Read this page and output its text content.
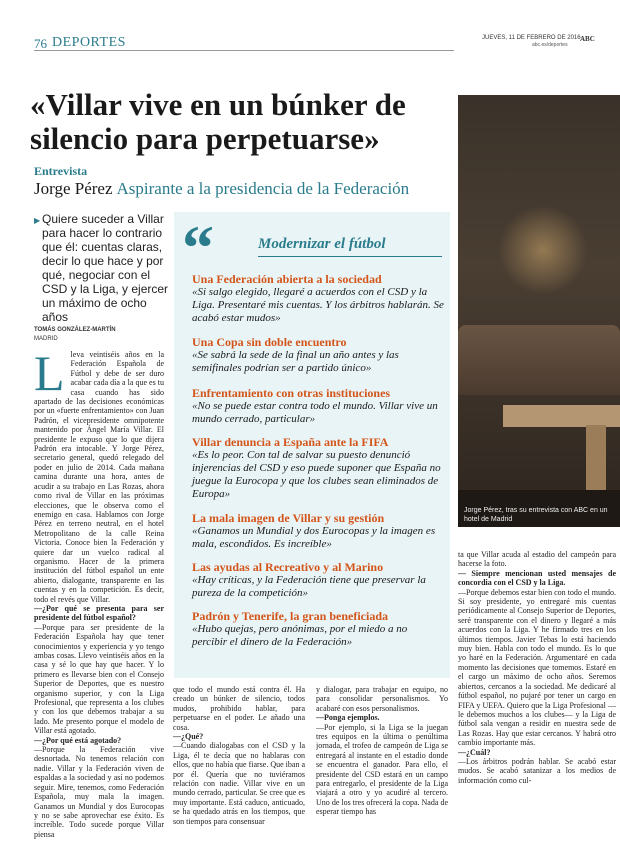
76 DEPORTES	JUEVES, 11 DE FEBRERO DE 2016 ABC
abc.es/deportes
«Villar vive en un búnker de silencio para perpetuarse»
Entrevista
Jorge Pérez Aspirante a la presidencia de la Federación
Jorge Pérez, tras su entrevista con ABC en un hotel de Madrid
▶ Quiere suceder a Villar para hacer lo contrario que él: cuentas claras, decir lo que hace y por qué, negociar con el CSD y la Liga, y ejercer un máximo de ocho años
TOMÁS GONZÁLEZ-MARTÍN
MADRID
“	Modernizar el fútbol
Una Federación abierta a la sociedad
«Si salgo elegido, llegaré a acuerdos con el CSD y la Liga. Presentaré mis cuentas. Y los árbitros hablarán. Se acabó estar mudos»
Una Copa sin doble encuentro
«Se sabrá la sede de la final un año antes y las semifinales podrían ser a partido único»
Enfrentamiento con otras instituciones
«No se puede estar contra todo el mundo. Villar vive un mundo cerrado, particular»
Villar denuncia a España ante la FIFA
«Es lo peor. Con tal de salvar su puesto denunció injerencias del CSD y eso puede suponer que España no juegue la Eurocopa y que los clubes sean eliminados de Europa»
La mala imagen de Villar y su gestión
«Ganamos un Mundial y dos Eurocopas y la imagen es mala, escondidos. Es increíble»
Las ayudas al Recreativo y al Marino
«Hay críticas, y la Federación tiene que preservar la pureza de la competición»
Padrón y Tenerife, la gran beneficiada
«Hubo quejas, pero anónimas, por el miedo a no percibir el dinero de la Federación»
L leva veintiséis años en la Federación Española de Fútbol y debe de ser duro acabar cada día a la que es tu casa cuando has sido apartado de las decisiones económicas por un «fuerte enfrentamiento» con Juan Padrón, el vicepresidente omnipotente mantenido por Ángel María Villar. El presidente le expuso que lo que dijera Padrón era intocable. Y Jorge Pérez, secretario general, quedó relegado del poder en julio de 2014. Cada mañana camina durante una hora, antes de acudir a su trabajo en Las Rozas, ahora como rival de Villar en las próximas elecciones, que le observa como el enemigo en casa. Hablamos con Jorge Pérez en terreno neutral, en el hotel Metropolitano de la calle Reina Victoria. Conoce bien la Federación y quiere dar un vuelco radical al organismo. Hacer de la primera institución del fútbol español un ente abierto, dialogante, transparente en las cuentas y en la competición. Es decir, todo el revés que Villar.

—¿Por qué se presenta para ser presidente del fútbol español?

—Porque para ser presidente de la Federación Española hay que tener conocimientos y experiencia y yo tengo ambas cosas. Llevo veintiséis años en la casa y sé lo que hay que hacer. Y lo primero es llevarse bien con el Consejo Superior de Deportes, que es nuestro organismo superior, y con la Liga Profesional, que representa a los clubes y con los que debemos trabajar a su lado. Me presento porque el modelo de Villar está agotado.

—¿Por qué está agotado?

—Porque la Federación vive desnortada. No tenemos relación con nadie. Villar y la Federación viven de espaldas a la sociedad y así no podemos seguir. Mire, tenemos, como Federación Española, muy mala la imagen. Ganamos un Mundial y dos Eurocopas y no se sabe aprovechar ese éxito. Es increíble. Todo sucede porque Villar piensa

que todo el mundo está contra él. Ha creado un búnker de silencio, todos mudos, prohibido hablar, para perpetuarse en el poder. Le añado una cosa.

—¿Qué?

—Cuando dialogabas con el CSD y la Liga, él te decía que no hablaras con ellos, que no había que fiarse. Que iban a por él. Quería que no tuviéramos relación con nadie. Villar vive en un mundo cerrado, particular. Se cree que es muy importante. Está caduco, anticuado, se ha quedado atrás en los tiempos, que son tiempos para consensuar

y dialogar, para trabajar en equipo, no para consolidar personalismos. Yo acabaré con esos personalismos.

—Ponga ejemplos.

—Por ejemplo, si la Liga se la juegan tres equipos en la última o penúltima jornada, el trofeo de campeón de Liga se entregará al instante en el estadio donde se encuentra el ganador. Para ello, el presidente del CSD estará en un campo para entregarlo, el presidente de la Liga viajará a otro y yo acudiré al tercero. Uno de los tres ofrecerá la copa. Nada de esperar tiempo has

ta que Villar acuda al estadio del campeón para hacerse la foto.

— Siempre mencionan usted mensajes de concordia con el CSD y la Liga.

—Porque debemos estar bien con todo el mundo. Si soy presidente, yo entregaré mis cuentas periódicamente al Consejo Superior de Deportes, seré transparente con el dinero y llegaré a más acuerdos con la Liga. Y he firmado tres en los últimos tiempos. Javier Tebas lo está haciendo muy bien. Habla con todo el mundo. Es lo que yo haré en la Federación. Argumentaré en cada momento las decisiones que tomemos. Estaré en el cargo un máximo de ocho años. Seremos abiertos, cercanos a la sociedad. Me dedicaré al fútbol español, no pujaré por tener un cargo en FIFA y UEFA. Quiero que la Liga Profesional —le debemos muchos a los clubes— y la Liga de fútbol sala vengan a residir en nuestra sede de Las Rozas. Hay que estar cercanos. Y habrá otro cambio importante más.

—¿Cuál?

—Los árbitros podrán hablar. Se acabó estar mudos. Se acabó satanizar a los medios de información como cul-
